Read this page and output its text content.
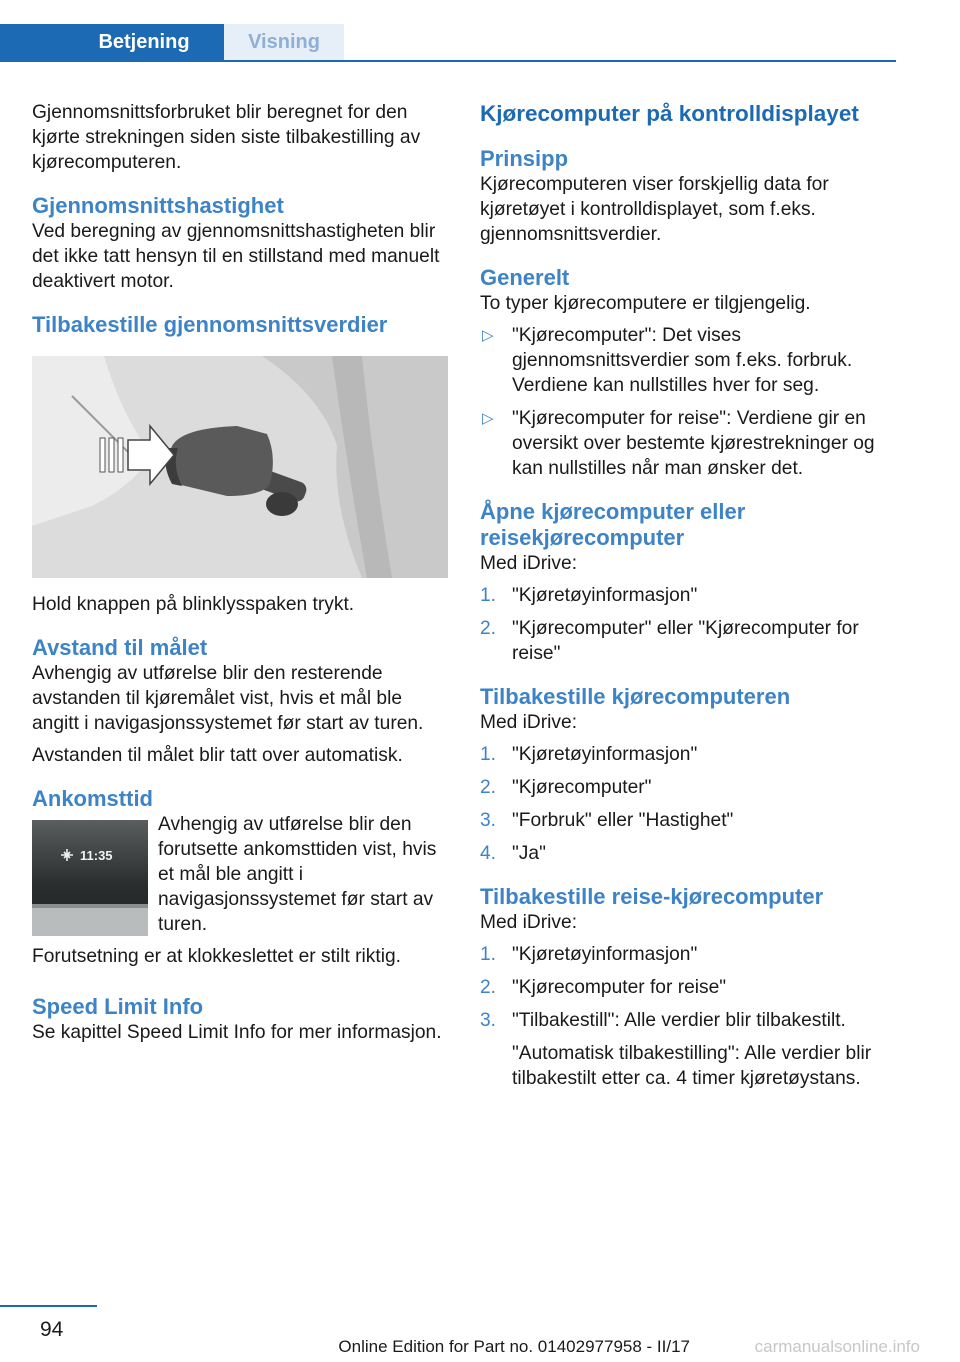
Betjening	Visning

Gjennomsnittsforbruket blir beregnet for den kjørte strekningen siden siste tilbakestilling av kjørecomputeren.

Gjennomsnittshastighet

Ved beregning av gjennomsnittshastigheten blir det ikke tatt hensyn til en stillstand med manuelt deaktivert motor.

Tilbakestille gjennomsnittsverdier

Hold knappen på blinklysspaken trykt.

Avstand til målet

Avhengig av utførelse blir den resterende avstanden til kjøremålet vist, hvis et mål ble angitt i navigasjonssystemet før start av turen.

Avstanden til målet blir tatt over automatisk.

Ankomsttid
11:35

Avhengig av utførelse blir den forutsette ankomsttiden vist, hvis et mål ble angitt i navigasjonssystemet før start av turen.

Forutsetning er at klokkeslettet er stilt riktig.

Speed Limit Info

Se kapittel Speed Limit Info for mer informasjon.

Kjørecomputer på kontrolldisplayet
Prinsipp

Kjørecomputeren viser forskjellig data for kjøretøyet i kontrolldisplayet, som f.eks. gjennomsnittsverdier.

Generelt

To typer kjørecomputere er tilgjengelig.

▷ "Kjørecomputer": Det vises gjennomsnittsverdier som f.eks. forbruk. Verdiene kan nullstilles hver for seg.
▷ "Kjørecomputer for reise": Verdiene gir en oversikt over bestemte kjørestrekninger og kan nullstilles når man ønsker det.
Åpne kjørecomputer eller reisekjørecomputer

Med iDrive:

1. "Kjøretøyinformasjon"
2. "Kjørecomputer" eller "Kjørecomputer for reise"
Tilbakestille kjørecomputeren

Med iDrive:

1. "Kjøretøyinformasjon"
2. "Kjørecomputer"
3. "Forbruk" eller "Hastighet"
4. "Ja"
Tilbakestille reise-kjørecomputer

Med iDrive:

1. "Kjøretøyinformasjon"
2. "Kjørecomputer for reise"
3. "Tilbakestill": Alle verdier blir tilbakestilt.

"Automatisk tilbakestilling": Alle verdier blir tilbakestilt etter ca. 4 timer kjøretøystans.

94
Online Edition for Part no. 01402977958 - II/17	carmanualsonline.info
